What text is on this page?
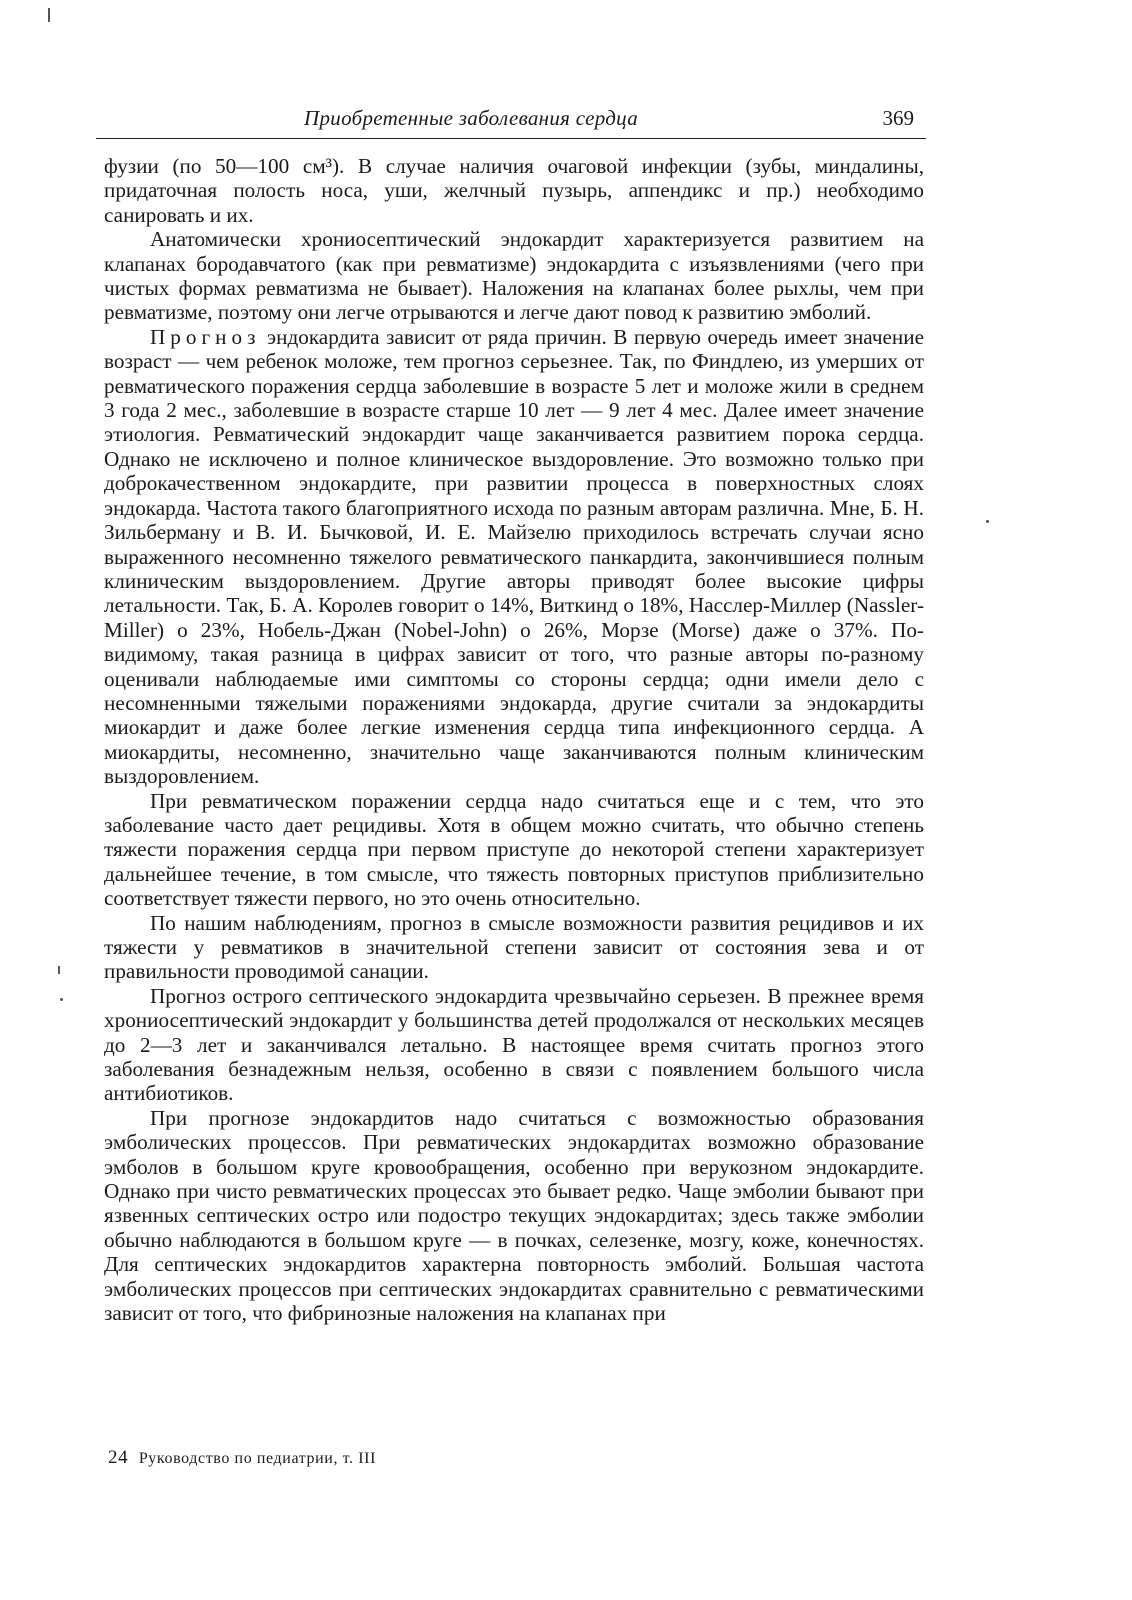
Приобретенные заболевания сердца	369

фузии (по 50—100 см³). В случае наличия очаговой инфекции (зубы, миндалины, придаточная полость носа, уши, желчный пузырь, аппендикс и пр.) необходимо санировать и их.

Анатомически хрониосептический эндокардит характеризуется развитием на клапанах бородавчатого (как при ревматизме) эндокардита с изъязвлениями (чего при чистых формах ревматизма не бывает). Наложения на клапанах более рыхлы, чем при ревматизме, поэтому они легче отрываются и легче дают повод к развитию эмболий.

Прогноз эндокардита зависит от ряда причин. В первую очередь имеет значение возраст — чем ребенок моложе, тем прогноз серьезнее. Так, по Финдлею, из умерших от ревматического поражения сердца заболевшие в возрасте 5 лет и моложе жили в среднем 3 года 2 мес., заболевшие в возрасте старше 10 лет — 9 лет 4 мес. Далее имеет значение этиология. Ревматический эндокардит чаще заканчивается развитием порока сердца. Однако не исключено и полное клиническое выздоровление. Это возможно только при доброкачественном эндокардите, при развитии процесса в поверхностных слоях эндокарда. Частота такого благоприятного исхода по разным авторам различна. Мне, Б. Н. Зильберману и В. И. Бычковой, И. Е. Майзелю приходилось встречать случаи ясно выраженного несомненно тяжелого ревматического панкардита, закончившиеся полным клиническим выздоровлением. Другие авторы приводят более высокие цифры летальности. Так, Б. А. Королев говорит о 14%, Виткинд о 18%, Насслер-Миллер (Nassler-Miller) о 23%, Нобель-Джан (Nobel-John) о 26%, Морзе (Morse) даже о 37%. По-видимому, такая разница в цифрах зависит от того, что разные авторы по-разному оценивали наблюдаемые ими симптомы со стороны сердца; одни имели дело с несомненными тяжелыми поражениями эндокарда, другие считали за эндокардиты миокардит и даже более легкие изменения сердца типа инфекционного сердца. А миокардиты, несомненно, значительно чаще заканчиваются полным клиническим выздоровлением.

При ревматическом поражении сердца надо считаться еще и с тем, что это заболевание часто дает рецидивы. Хотя в общем можно считать, что обычно степень тяжести поражения сердца при первом приступе до некоторой степени характеризует дальнейшее течение, в том смысле, что тяжесть повторных приступов приблизительно соответствует тяжести первого, но это очень относительно.

По нашим наблюдениям, прогноз в смысле возможности развития рецидивов и их тяжести у ревматиков в значительной степени зависит от состояния зева и от правильности проводимой санации.

Прогноз острого септического эндокардита чрезвычайно серьезен. В прежнее время хрониосептический эндокардит у большинства детей продолжался от нескольких месяцев до 2—3 лет и заканчивался летально. В настоящее время считать прогноз этого заболевания безнадежным нельзя, особенно в связи с появлением большого числа антибиотиков.

При прогнозе эндокардитов надо считаться с возможностью образования эмболических процессов. При ревматических эндокардитах возможно образование эмболов в большом круге кровообращения, особенно при верукозном эндокардите. Однако при чисто ревматических процессах это бывает редко. Чаще эмболии бывают при язвенных септических остро или подостро текущих эндокардитах; здесь также эмболии обычно наблюдаются в большом круге — в почках, селезенке, мозгу, коже, конечностях. Для септических эндокардитов характерна повторность эмболий. Большая частота эмболических процессов при септических эндокардитах сравнительно с ревматическими зависит от того, что фибринозные наложения на клапанах при

24 Руководство по педиатрии, т. III
